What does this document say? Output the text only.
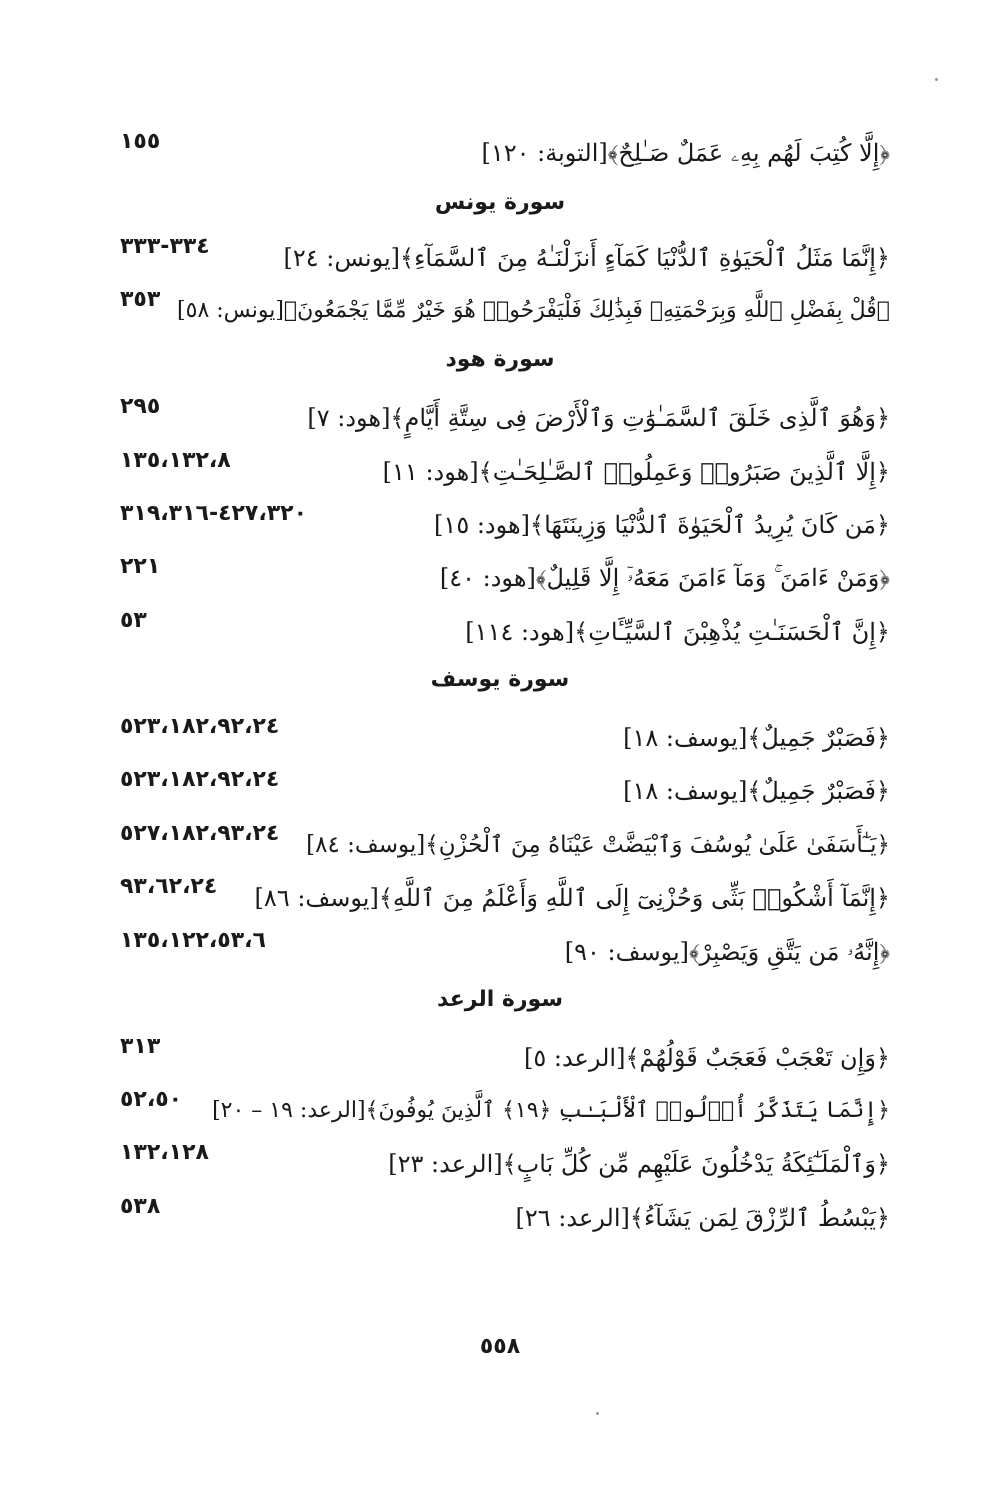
﴿إِلَّا كُتِبَ لَهُم بِهِۦ عَمَلٌ صَـٰلِحٌ﴾[التوبة: ١٢٠]
١٥٥
سورة يونس
﴿إِنَّمَا مَثَلُ ٱلْحَيَوٰةِ ٱلدُّنْيَا كَمَآءٍ أَنزَلْنَـٰهُ مِنَ ٱلسَّمَآءِ﴾[يونس: ٢٤]
٣٣٤-٣٣٣
﴿قُلْ بِفَضْلِ ٱللَّهِ وَبِرَحْمَتِهِۦ فَبِذَٰلِكَ فَلْيَفْرَحُوا۟ هُوَ خَيْرٌ مِّمَّا يَجْمَعُونَ﴾[يونس: ٥٨]
٣٥٣
سورة هود
﴿وَهُوَ ٱلَّذِى خَلَقَ ٱلسَّمَـٰوَٰتِ وَٱلْأَرْضَ فِى سِتَّةِ أَيَّامٍ﴾[هود: ٧]
٢٩٥
﴿إِلَّا ٱلَّذِينَ صَبَرُوا۟ وَعَمِلُوا۟ ٱلصَّـٰلِحَـٰتِ﴾[هود: ١١]
١٣٥،١٣٢،٨
﴿مَن كَانَ يُرِيدُ ٱلْحَيَوٰةَ ٱلدُّنْيَا وَزِينَتَهَا﴾[هود: ١٥]
٤٢٧،٣٢٠-٣١٩،٣١٦
﴿وَمَنْ ءَامَنَ ۚ وَمَآ ءَامَنَ مَعَهُۥٓ إِلَّا قَلِيلٌ﴾[هود: ٤٠]
٢٢١
﴿إِنَّ ٱلْحَسَنَـٰتِ يُذْهِبْنَ ٱلسَّيِّـَٔاتِ﴾[هود: ١١٤]
٥٣
سورة يوسف
﴿فَصَبْرٌ جَمِيلٌ﴾[يوسف: ١٨]
٥٢٣،١٨٢،٩٢،٢٤
﴿فَصَبْرٌ جَمِيلٌ﴾[يوسف: ١٨]
٥٢٣،١٨٢،٩٢،٢٤
﴿يَـٰٓأَسَفَىٰ عَلَىٰ يُوسُفَ وَٱبْيَضَّتْ عَيْنَاهُ مِنَ ٱلْحُزْنِ﴾[يوسف: ٨٤]
٥٢٧،١٨٢،٩٣،٢٤
﴿إِنَّمَآ أَشْكُوا۟ بَثِّى وَحُزْنِىٓ إِلَى ٱللَّهِ وَأَعْلَمُ مِنَ ٱللَّهِ﴾[يوسف: ٨٦]
٩٣،٦٢،٢٤
﴿إِنَّهُۥ مَن يَتَّقِ وَيَصْبِرْ﴾[يوسف: ٩٠]
١٣٥،١٢٢،٥٣،٦
سورة الرعد
﴿وَإِن تَعْجَبْ فَعَجَبٌ قَوْلُهُمْ﴾[الرعد: ٥]
٣١٣
﴿إِنَّمَا يَتَذَكَّرُ أُو۟لُوا۟ ٱلْأَلْبَـٰبِ ﴿١٩﴾ ٱلَّذِينَ يُوفُونَ﴾[الرعد: ١٩ – ٢٠]
٥٢،٥٠
﴿وَٱلْمَلَـٰٓئِكَةُ يَدْخُلُونَ عَلَيْهِم مِّن كُلِّ بَابٍ﴾[الرعد: ٢٣]
١٣٢،١٢٨
﴿يَبْسُطُ ٱلرِّزْقَ لِمَن يَشَآءُ﴾[الرعد: ٢٦]
٥٣٨
٥٥٨
